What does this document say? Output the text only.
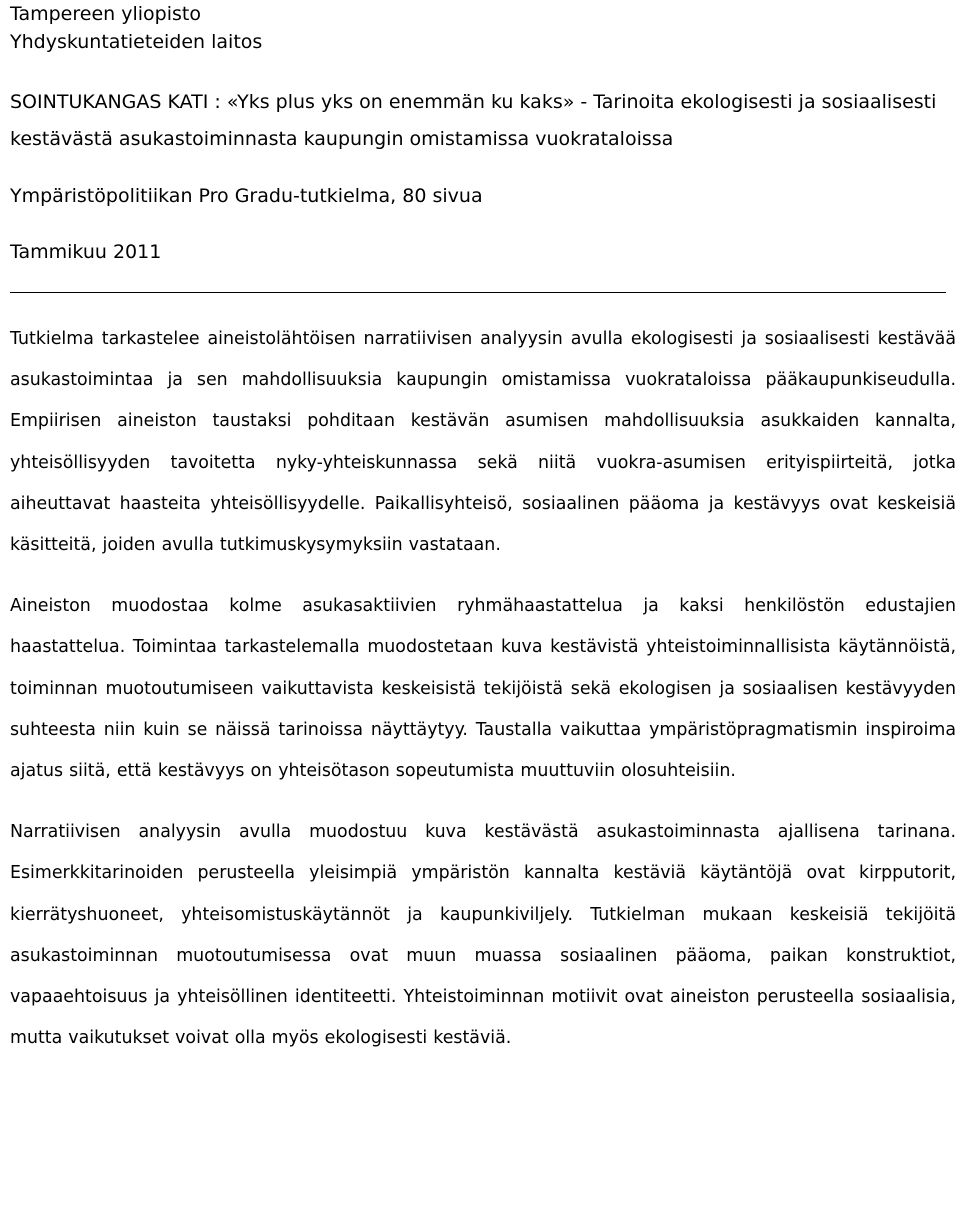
Tampereen yliopisto

Yhdyskuntatieteiden laitos

SOINTUKANGAS KATI : «Yks plus yks on enemmän ku kaks» - Tarinoita ekologisesti ja sosiaalisesti kestävästä asukastoiminnasta kaupungin omistamissa vuokrataloissa

Ympäristöpolitiikan Pro Gradu-tutkielma, 80 sivua

Tammikuu 2011

Tutkielma tarkastelee aineistolähtöisen narratiivisen analyysin avulla ekologisesti ja sosiaalisesti kestävää asukastoimintaa ja sen mahdollisuuksia kaupungin omistamissa vuokrataloissa pääkaupunkiseudulla. Empiirisen aineiston taustaksi pohditaan kestävän asumisen mahdollisuuksia asukkaiden kannalta, yhteisöllisyyden tavoitetta nyky-yhteiskunnassa sekä niitä vuokra-asumisen erityispiirteitä, jotka aiheuttavat haasteita yhteisöllisyydelle. Paikallisyhteisö, sosiaalinen pääoma ja kestävyys ovat keskeisiä käsitteitä, joiden avulla tutkimuskysymyksiin vastataan.

Aineiston muodostaa kolme asukasaktiivien ryhmähaastattelua ja kaksi henkilöstön edustajien haastattelua. Toimintaa tarkastelemalla muodostetaan kuva kestävistä yhteistoiminnallisista käytännöistä, toiminnan muotoutumiseen vaikuttavista keskeisistä tekijöistä sekä ekologisen ja sosiaalisen kestävyyden suhteesta niin kuin se näissä tarinoissa näyttäytyy. Taustalla vaikuttaa ympäristöpragmatismin inspiroima ajatus siitä, että kestävyys on yhteisötason sopeutumista muuttuviin olosuhteisiin.

Narratiivisen analyysin avulla muodostuu kuva kestävästä asukastoiminnasta ajallisena tarinana. Esimerkkitarinoiden perusteella yleisimpiä ympäristön kannalta kestäviä käytäntöjä ovat kirpputorit, kierrätyshuoneet, yhteisomistuskäytännöt ja kaupunkiviljely. Tutkielman mukaan keskeisiä tekijöitä asukastoiminnan muotoutumisessa ovat muun muassa sosiaalinen pääoma, paikan konstruktiot, vapaaehtoisuus ja yhteisöllinen identiteetti. Yhteistoiminnan motiivit ovat aineiston perusteella sosiaalisia, mutta vaikutukset voivat olla myös ekologisesti kestäviä.
